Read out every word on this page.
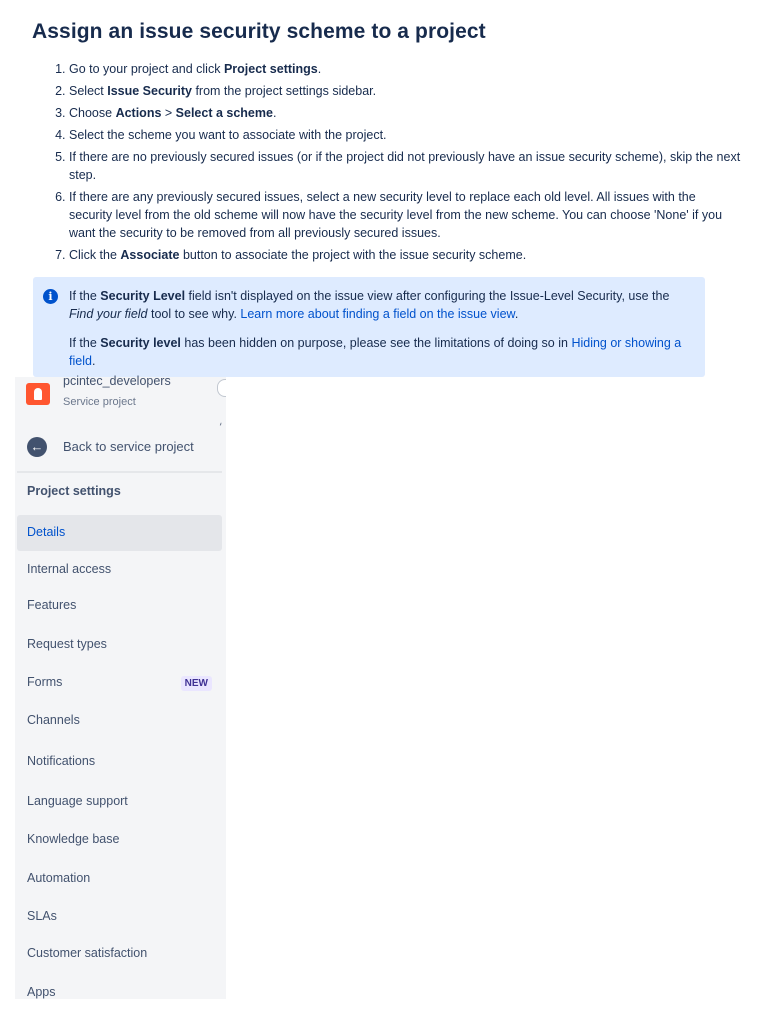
Assign an issue security scheme to a project
1. Go to your project and click Project settings.
2. Select Issue Security from the project settings sidebar.
3. Choose Actions > Select a scheme.
4. Select the scheme you want to associate with the project.
5. If there are no previously secured issues (or if the project did not previously have an issue security scheme), skip the next step.
6. If there are any previously secured issues, select a new security level to replace each old level. All issues with the security level from the old scheme will now have the security level from the new scheme. You can choose 'None' if you want the security to be removed from all previously secured issues.
7. Click the Associate button to associate the project with the issue security scheme.
i	If the Security Level field isn't displayed on the issue view after configuring the Issue-Level Security, use the Find your field tool to see why. Learn more about finding a field on the issue view.

If the Security level has been hidden on purpose, please see the limitations of doing so in Hiding or showing a field.

pcintec_developers
Service project
⸲
← Back to service project
Project settings
Details
Internal access
Features
Request types
Forms	NEW
Channels
Notifications
Language support
Knowledge base
Automation
SLAs
Customer satisfaction
Apps
